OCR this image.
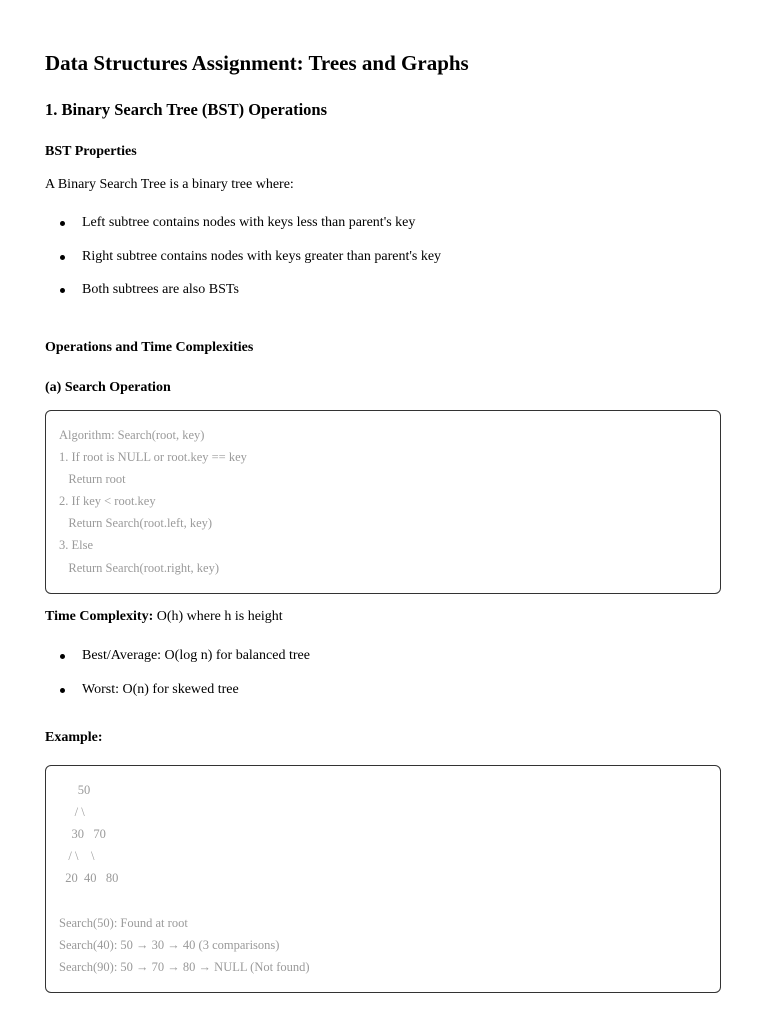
Data Structures Assignment: Trees and Graphs
1. Binary Search Tree (BST) Operations
BST Properties
A Binary Search Tree is a binary tree where:
Left subtree contains nodes with keys less than parent's key
Right subtree contains nodes with keys greater than parent's key
Both subtrees are also BSTs
Operations and Time Complexities
(a) Search Operation
Algorithm: Search(root, key)
1. If root is NULL or root.key == key
Return root
2. If key < root.key
Return Search(root.left, key)
3. Else
Return Search(root.right, key)
Time Complexity: O(h) where h is height
Best/Average: O(log n) for balanced tree
Worst: O(n) for skewed tree
Example:
50
/ \
30   70
/ \    \
20  40   80
Search(50): Found at root
Search(40): 50 → 30 → 40 (3 comparisons)
Search(90): 50 → 70 → 80 → NULL (Not found)
